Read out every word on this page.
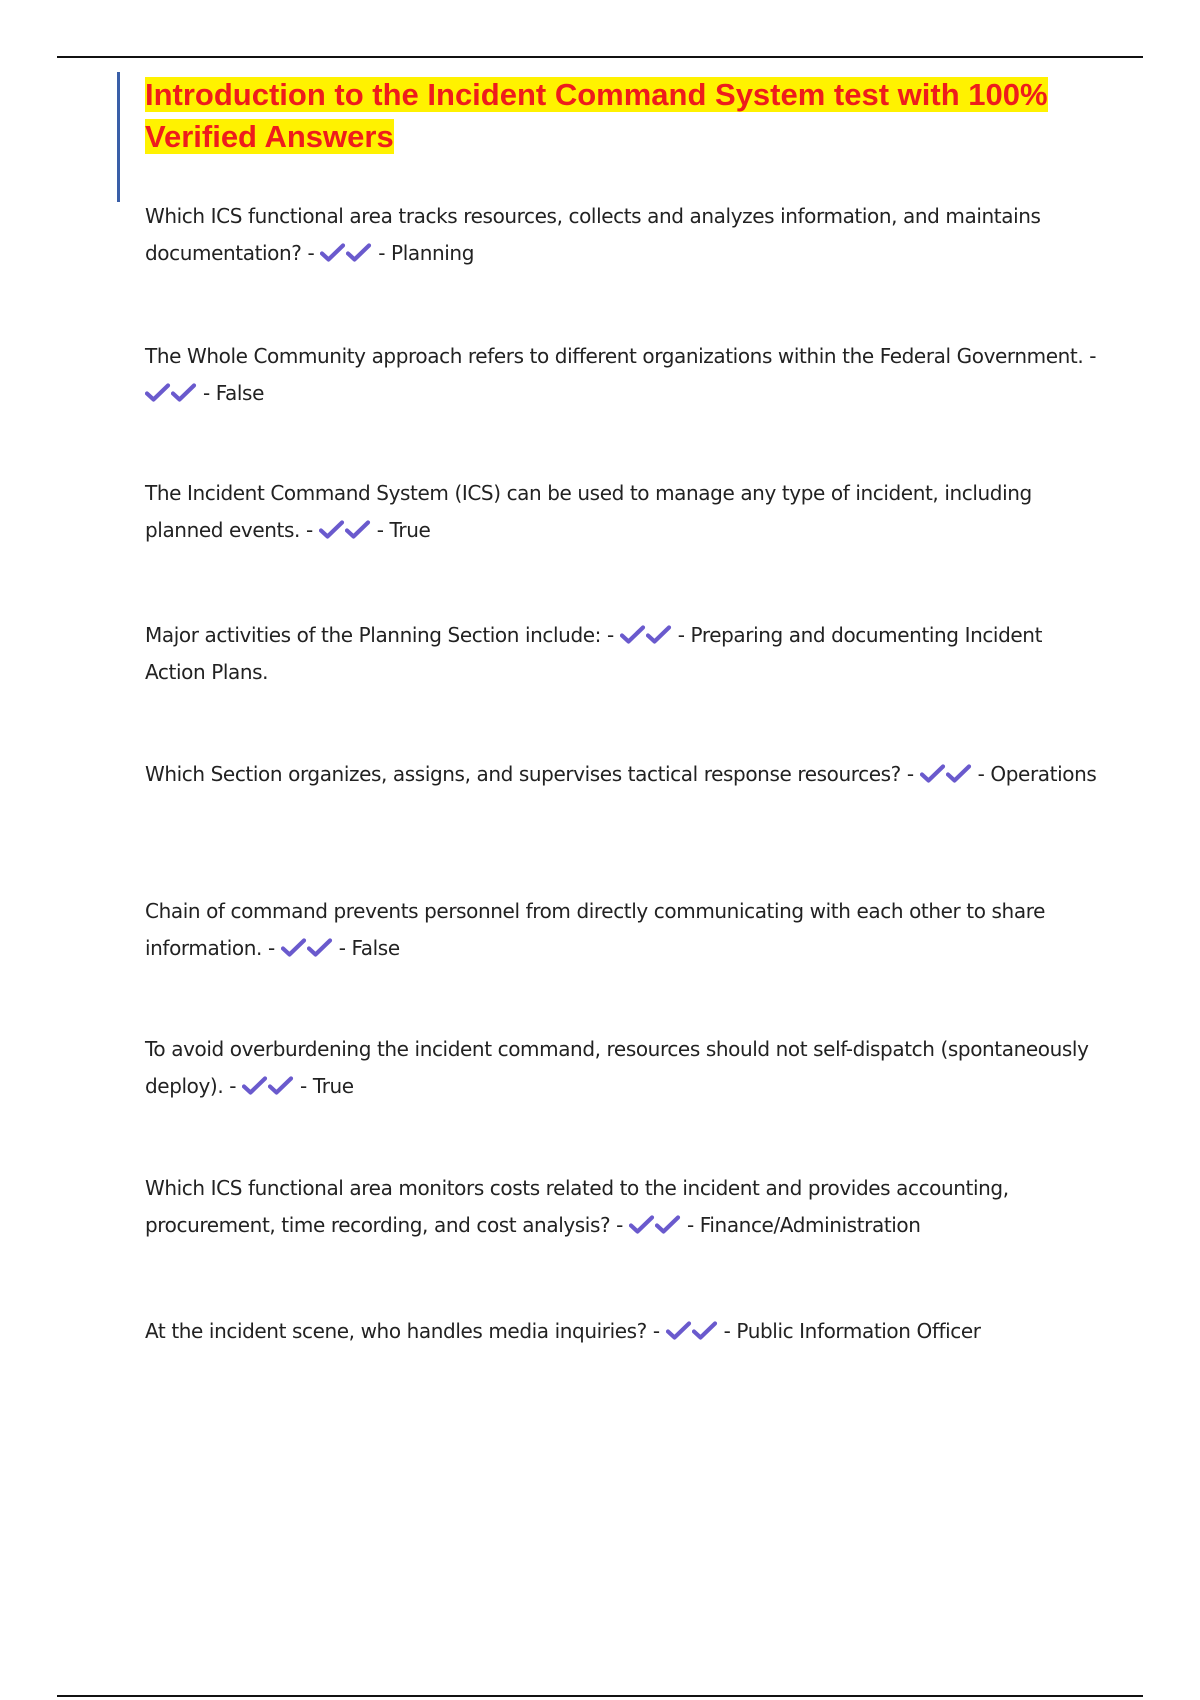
Introduction to the Incident Command System test with 100% Verified Answers

Which ICS functional area tracks resources, collects and analyzes information, and maintains documentation? -	- Planning

The Whole Community approach refers to different organizations within the Federal Government. -
- False

The Incident Command System (ICS) can be used to manage any type of incident, including planned events. -	- True

Major activities of the Planning Section include: -	- Preparing and documenting Incident Action Plans.

Which Section organizes, assigns, and supervises tactical response resources? -	- Operations

Chain of command prevents personnel from directly communicating with each other to share information. -	- False

To avoid overburdening the incident command, resources should not self-dispatch (spontaneously deploy). -	- True

Which ICS functional area monitors costs related to the incident and provides accounting, procurement, time recording, and cost analysis? -	- Finance/Administration

At the incident scene, who handles media inquiries? -	- Public Information Officer
